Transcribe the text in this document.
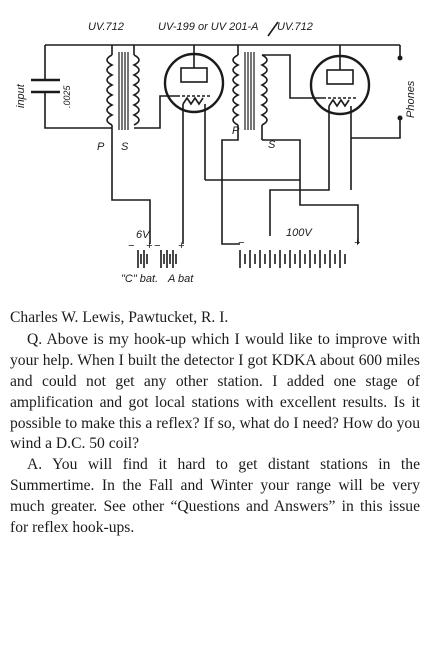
UV.712	UV-199 or UV 201-A UV.712
input	.0025
P S
P
S
Phones
6V
− +
− +
100V
−	+
"C" bat. A bat

Charles W. Lewis, Pawtucket, R. I.

Q. Above is my hook-up which I would like to improve with your help. When I built the detector I got KDKA about 600 miles and could not get any other station. I added one stage of amplification and got local stations with excellent results. Is it possible to make this a reflex? If so, what do I need? How do you wind a D.C. 50 coil?

A. You will find it hard to get distant stations in the Summertime. In the Fall and Winter your range will be very much greater. See other “Questions and Answers” in this issue for reflex hook-ups.
